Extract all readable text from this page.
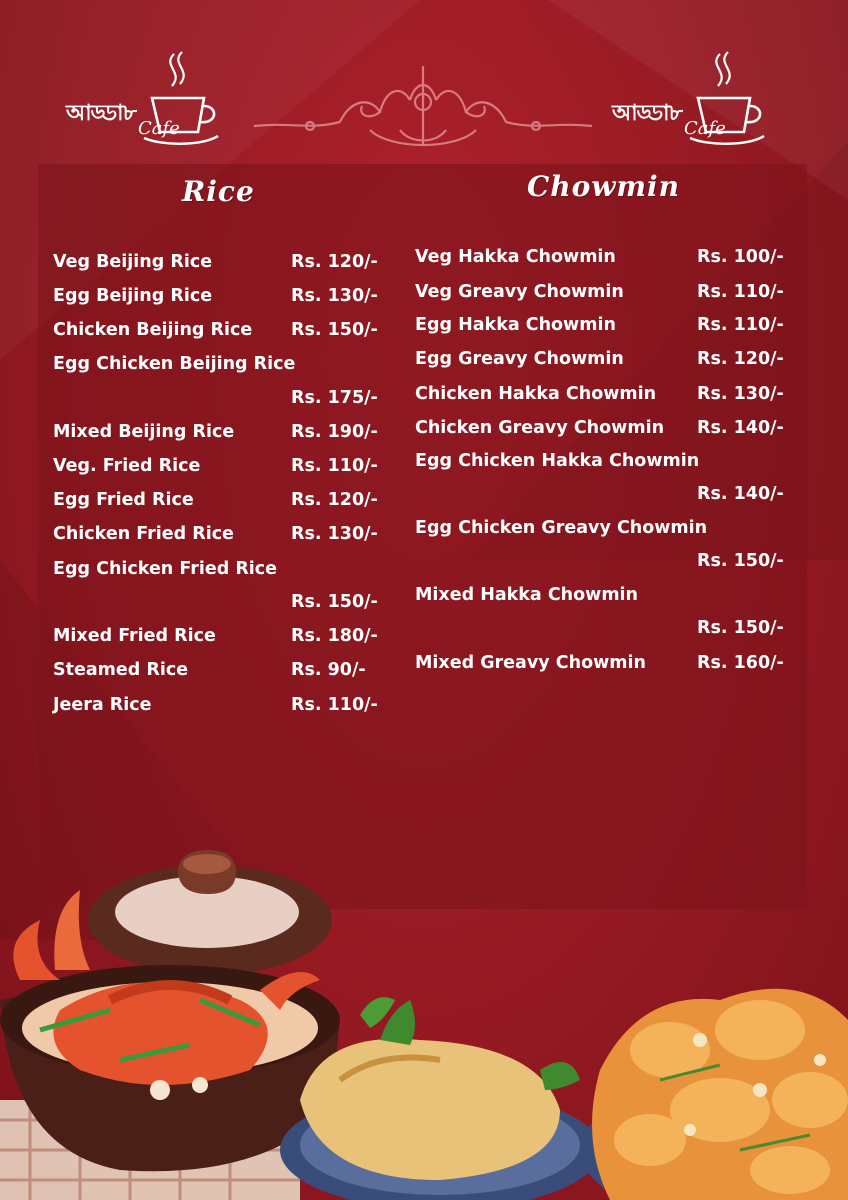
আড্ডা৮
Cafe
আড্ডা৮
Cafe
Rice	Chowmin
Veg Beijing Rice	Rs. 120/-
Egg Beijing Rice	Rs. 130/-
Chicken Beijing Rice Rs. 150/-
Egg Chicken Beijing Rice
Rs. 175/-
Mixed Beijing Rice	Rs. 190/-
Veg. Fried Rice	Rs. 110/-
Egg Fried Rice	Rs. 120/-
Chicken Fried Rice	Rs. 130/-
Egg Chicken Fried Rice
Rs. 150/-
Mixed Fried Rice	Rs. 180/-
Steamed Rice	Rs. 90/-
Jeera Rice	Rs. 110/-
Veg Hakka Chowmin	Rs. 100/-
Veg Greavy Chowmin	Rs. 110/-
Egg Hakka Chowmin	Rs. 110/-
Egg Greavy Chowmin	Rs. 120/-
Chicken Hakka Chowmin Rs. 130/-
Chicken Greavy Chowmin Rs. 140/-
Egg Chicken Hakka Chowmin
Rs. 140/-
Egg Chicken Greavy Chowmin
Rs. 150/-
Mixed Hakka Chowmin
Rs. 150/-
Mixed Greavy Chowmin	Rs. 160/-
